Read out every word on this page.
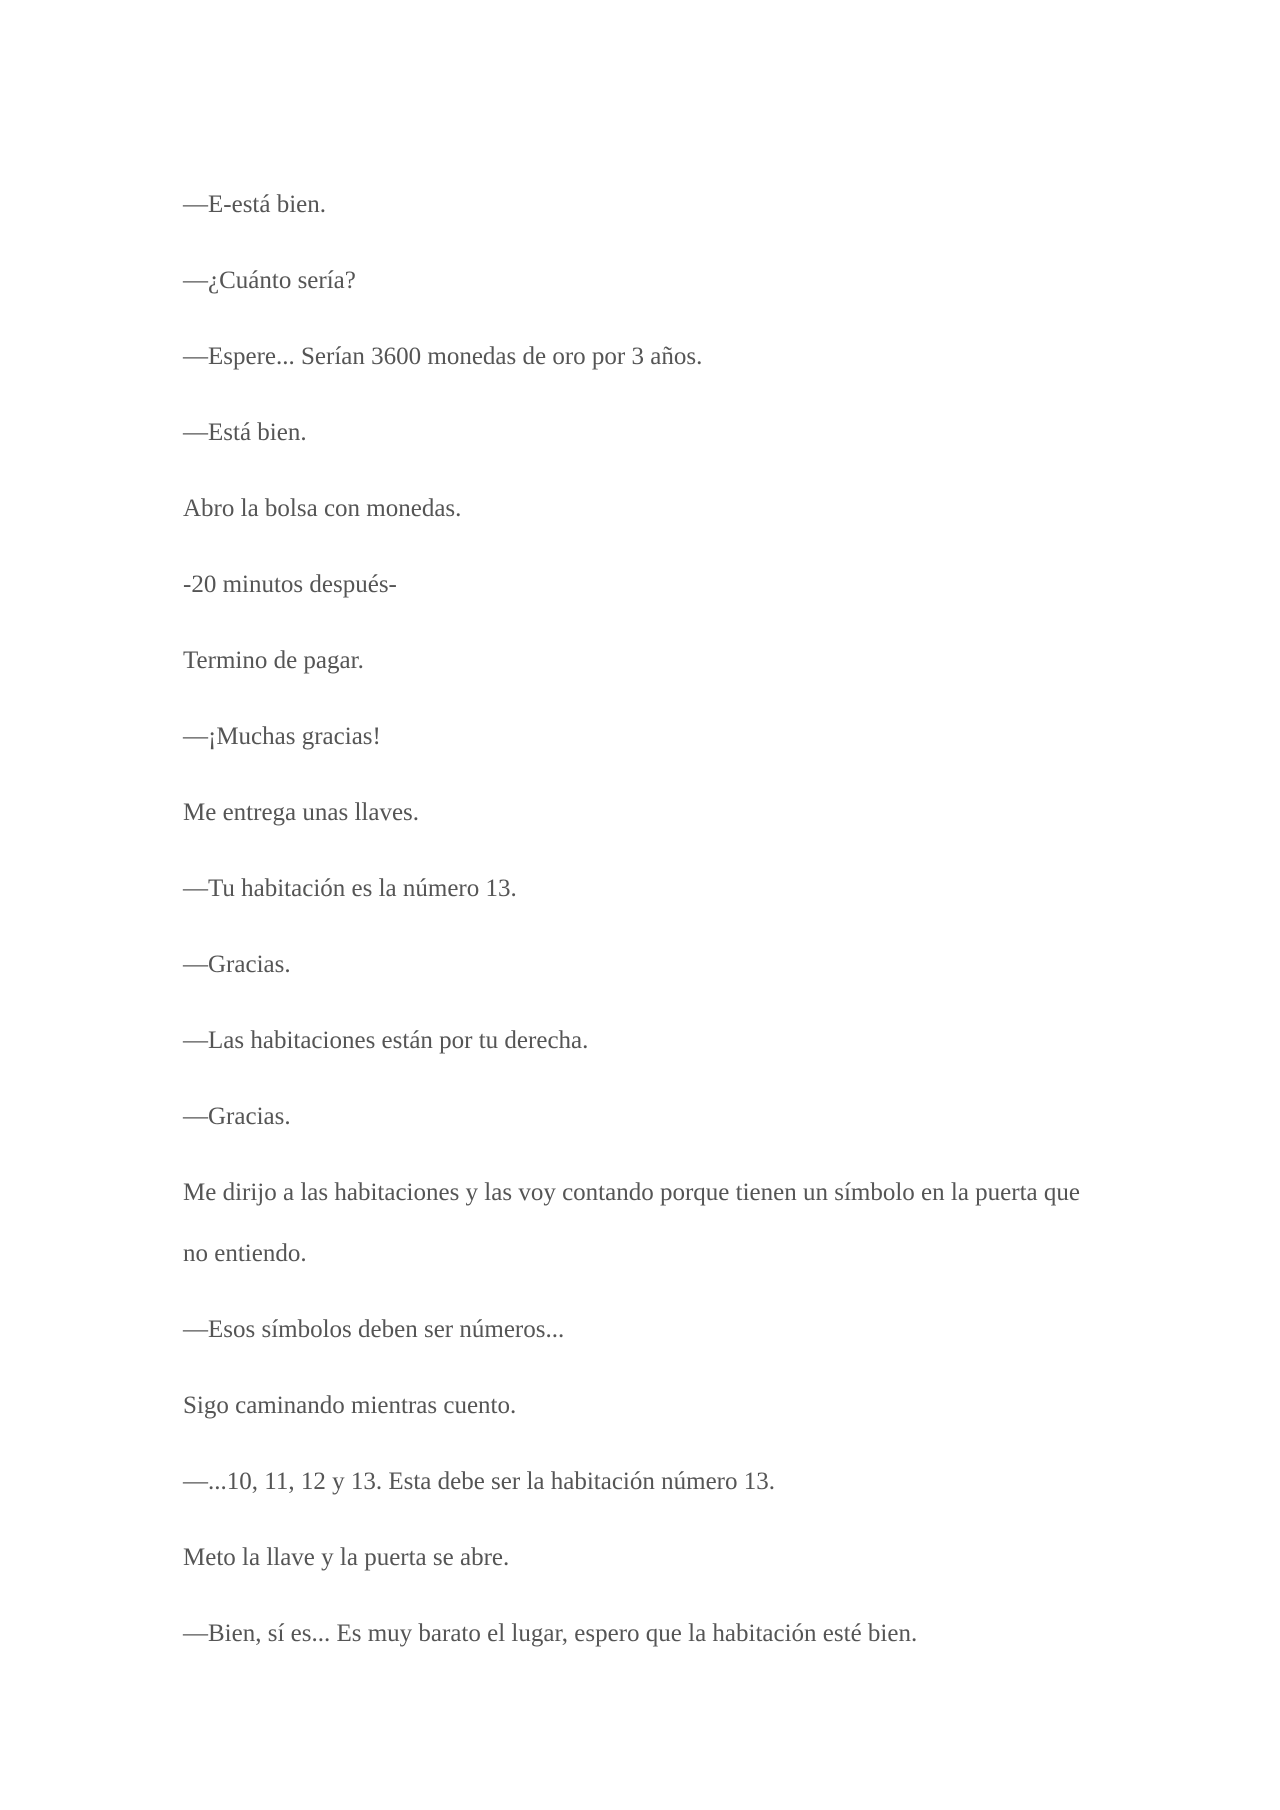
—E-está bien.

—¿Cuánto sería?

—Espere... Serían 3600 monedas de oro por 3 años.

—Está bien.

Abro la bolsa con monedas.

-20 minutos después-

Termino de pagar.

—¡Muchas gracias!

Me entrega unas llaves.

—Tu habitación es la número 13.

—Gracias.

—Las habitaciones están por tu derecha.

—Gracias.

Me dirijo a las habitaciones y las voy contando porque tienen un símbolo en la puerta que no entiendo.

—Esos símbolos deben ser números...

Sigo caminando mientras cuento.

—...10, 11, 12 y 13. Esta debe ser la habitación número 13.

Meto la llave y la puerta se abre.

—Bien, sí es... Es muy barato el lugar, espero que la habitación esté bien.
